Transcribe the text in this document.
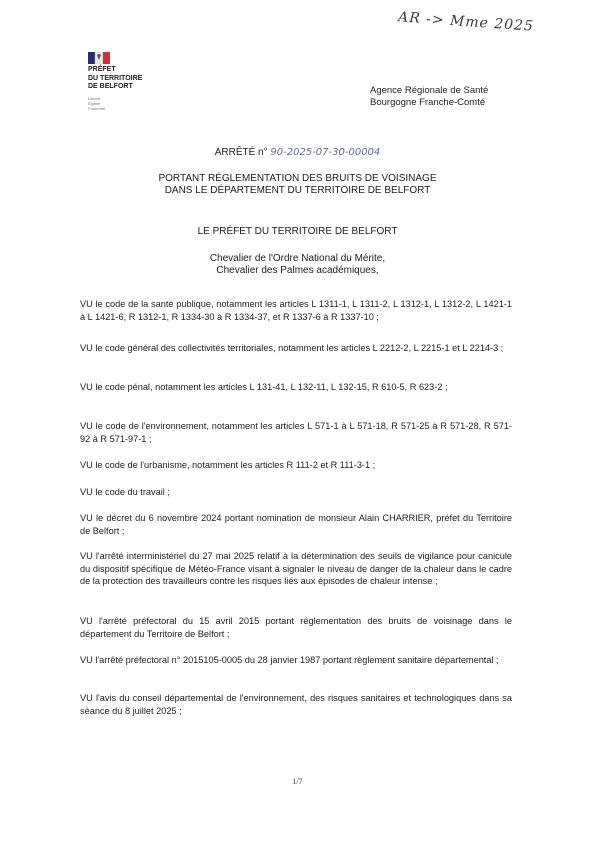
AR -> Mme 2025
PRÉFET
DU TERRITOIRE
DE BELFORT
Liberté
Égalité
Fraternité
Agence Régionale de Santé
Bourgogne Franche-Comté
ARRÊTÉ n° 90-2025-07-30-00004
PORTANT RÉGLEMENTATION DES BRUITS DE VOISINAGE
DANS LE DÉPARTEMENT DU TERRITOIRE DE BELFORT
LE PRÉFET DU TERRITOIRE DE BELFORT
Chevalier de l'Ordre National du Mérite,
Chevalier des Palmes académiques,
VU le code de la santé publique, notamment les articles L 1311-1, L 1311-2, L 1312-1, L 1312-2, L 1421-1 à L 1421-6, R 1312-1, R 1334-30 à R 1334-37, et R 1337-6 à R 1337-10 ;
VU le code général des collectivités territoriales, notamment les articles L 2212-2, L 2215-1 et L 2214-3 ;
VU le code pénal, notamment les articles L 131-41, L 132-11, L 132-15, R 610-5, R 623-2 ;
VU le code de l'environnement, notamment les articles L 571-1 à L 571-18, R 571-25 à R 571-28, R 571-92 à R 571-97-1 ;
VU le code de l'urbanisme, notamment les articles R 111-2 et R 111-3-1 ;
VU le code du travail ;
VU le décret du 6 novembre 2024 portant nomination de monsieur Alain CHARRIER, préfet du Territoire de Belfort ;
VU l'arrêté interministériel du 27 mai 2025 relatif à la détermination des seuils de vigilance pour canicule du dispositif spécifique de Météo-France visant à signaler le niveau de danger de la chaleur dans le cadre de la protection des travailleurs contre les risques liés aux épisodes de chaleur intense ;
VU l'arrêté préfectoral du 15 avril 2015 portant réglementation des bruits de voisinage dans le département du Territoire de Belfort ;
VU l'arrêté préfectoral n° 2015105-0005 du 28 janvier 1987 portant règlement sanitaire départemental ;
VU l'avis du conseil départemental de l'environnement, des risques sanitaires et technologiques dans sa séance du 8 juillet 2025 ;
1/7
